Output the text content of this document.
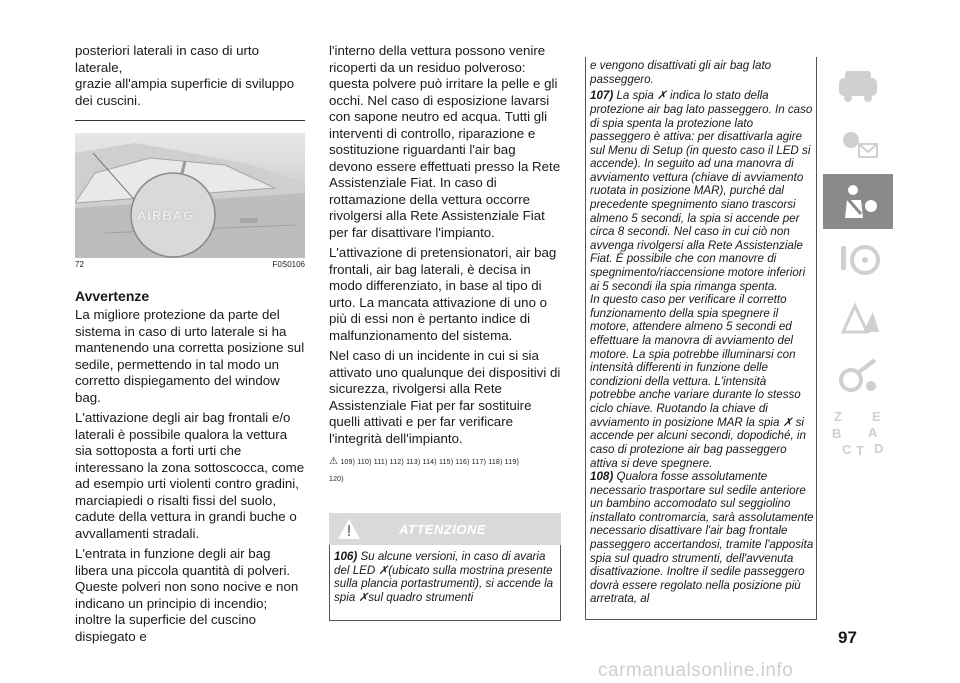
posteriori laterali in caso di urto laterale,

grazie all'ampia superficie di sviluppo

dei cuscini.

AIRBAG
72	F0S0106

Avvertenze

La migliore protezione da parte del sistema in caso di urto laterale si ha mantenendo una corretta posizione sul sedile, permettendo in tal modo un corretto dispiegamento del window bag.

L'attivazione degli air bag frontali e/o laterali è possibile qualora la vettura sia sottoposta a forti urti che interessano la zona sottoscocca, come ad esempio urti violenti contro gradini, marciapiedi o risalti fissi del suolo, cadute della vettura in grandi buche o avvallamenti stradali.

L'entrata in funzione degli air bag libera una piccola quantità di polveri. Queste polveri non sono nocive e non indicano un principio di incendio; inoltre la superficie del cuscino dispiegato e

l'interno della vettura possono venire ricoperti da un residuo polveroso: questa polvere può irritare la pelle e gli occhi. Nel caso di esposizione lavarsi con sapone neutro ed acqua. Tutti gli interventi di controllo, riparazione e sostituzione riguardanti l'air bag devono essere effettuati presso la Rete Assistenziale Fiat. In caso di rottamazione della vettura occorre rivolgersi alla Rete Assistenziale Fiat per far disattivare l'impianto.

L'attivazione di pretensionatori, air bag frontali, air bag laterali, è decisa in modo differenziato, in base al tipo di urto. La mancata attivazione di uno o più di essi non è pertanto indice di malfunzionamento del sistema.

Nel caso di un incidente in cui si sia attivato uno qualunque dei dispositivi di sicurezza, rivolgersi alla Rete Assistenziale Fiat per far sostituire quelli attivati e per far verificare l'integrità dell'impianto.

⚠ 109) 110) 111) 112) 113) 114) 115) 116) 117) 118) 119)
120)
ATTENZIONE

106) Su alcune versioni, in caso di avaria del LED ✗(ubicato sulla mostrina presente sulla plancia portastrumenti), si accende la spia ✗sul quadro strumenti

e vengono disattivati gli air bag lato passeggero.

107) La spia ✗ indica lo stato della protezione air bag lato passeggero. In caso di spia spenta la protezione lato passeggero è attiva: per disattivarla agire sul Menu di Setup (in questo caso il LED si accende). In seguito ad una manovra di avviamento vettura (chiave di avviamento ruotata in posizione MAR), purché dal precedente spegnimento siano trascorsi almeno 5 secondi, la spia si accende per circa 8 secondi. Nel caso in cui ciò non avvenga rivolgersi alla Rete Assistenziale Fiat. È possibile che con manovre di spegnimento/riaccensione motore inferiori ai 5 secondi ila spia rimanga spenta.

In questo caso per verificare il corretto funzionamento della spia spegnere il motore, attendere almeno 5 secondi ed effettuare la manovra di avviamento del motore. La spia potrebbe illuminarsi con intensità differenti in funzione delle condizioni della vettura. L'intensità potrebbe anche variare durante lo stesso ciclo chiave. Ruotando la chiave di avviamento in posizione MAR la spia ✗ si accende per alcuni secondi, dopodiché, in caso di protezione air bag passeggero attiva si deve spegnere.

108) Qualora fosse assolutamente necessario trasportare sul sedile anteriore un bambino accomodato sul seggiolino installato contromarcia, sarà assolutamente necessario disattivare l'air bag frontale passeggero accertandosi, tramite l'apposita spia sul quadro strumenti, dell'avvenuta disattivazione. Inoltre il sedile passeggero dovrà essere regolato nella posizione più arretrata, al

Z E
B
C
A
D
T
97
carmanualsonline.info
